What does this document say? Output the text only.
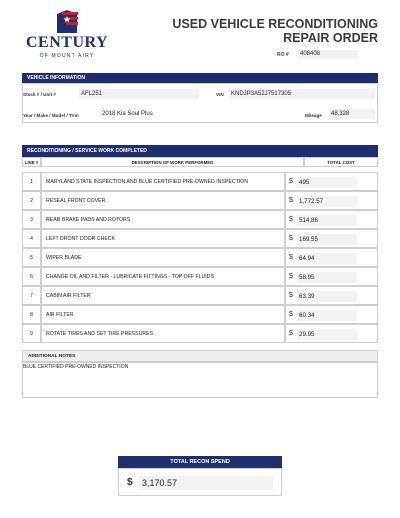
CENTURY
OF MOUNT AIRY
USED VEHICLE RECONDITIONING
REPAIR ORDER
RO #	408408
VEHICLE INFORMATION
Stock # / Unit #	AFL251	VIN	KNDJP3A52J7517305
Year / Make / Model / Trim	2018 Kia Soul Plus	Mileage	48,328
RECONDITIONING / SERVICE WORK COMPLETED
LINE #	DESCRIPTION OF WORK PERFORMED	TOTAL COST
1	MARYLAND STATE INSPECTION AND BLUE CERTIFIED PRE-OWNED INSPECTION	$ 495
2	RESEAL FRONT COVER	$ 1,772.57
3	REAR BRAKE PADS AND ROTORS	$ 514.86
4	LEFT DRONT DOOR CHECK	$ 169.55
5	WIPER BLADE	$ 64.94
6	CHANGE OIL AND FILTER - LUBRICATE FITTINGS - TOP OFF FLUIDS	$ 58.95
7	CABIN AIR FILTER	$ 63.39
8	AIR FILTER	$ 60.34
9	ROTATE TIRES AND SET TIRE PRESSURES	$ 29.95
ADDITIONAL NOTES
BLUE CERTIFIED PRE-OWNED INSPECTION
TOTAL RECON SPEND
$	3,170.57
